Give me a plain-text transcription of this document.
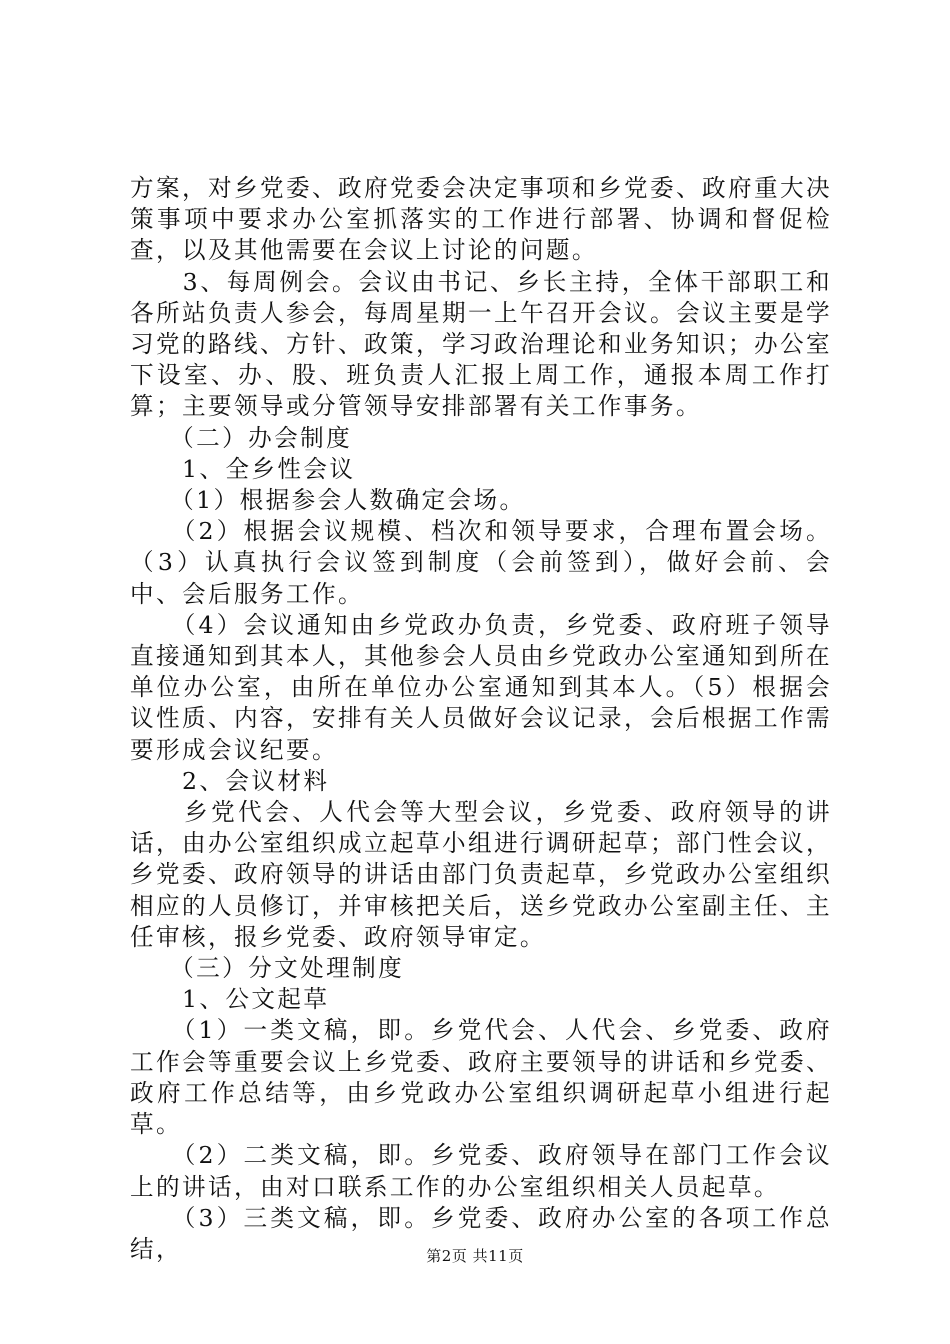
方案，对乡党委、政府党委会决定事项和乡党委、政府重大决策事项中要求办公室抓落实的工作进行部署、协调和督促检查，以及其他需要在会议上讨论的问题。

　　3、每周例会。会议由书记、乡长主持，全体干部职工和各所站负责人参会，每周星期一上午召开会议。会议主要是学习党的路线、方针、政策，学习政治理论和业务知识；办公室下设室、办、股、班负责人汇报上周工作，通报本周工作打算；主要领导或分管领导安排部署有关工作事务。

　　（二）办会制度

　　1、全乡性会议

　　（1）根据参会人数确定会场。

　　（2）根据会议规模、档次和领导要求，合理布置会场。（3）认真执行会议签到制度（会前签到），做好会前、会中、会后服务工作。

　　（4）会议通知由乡党政办负责，乡党委、政府班子领导直接通知到其本人，其他参会人员由乡党政办公室通知到所在单位办公室，由所在单位办公室通知到其本人。（5）根据会议性质、内容，安排有关人员做好会议记录，会后根据工作需要形成会议纪要。

　　2、会议材料

　　乡党代会、人代会等大型会议，乡党委、政府领导的讲话，由办公室组织成立起草小组进行调研起草；部门性会议，乡党委、政府领导的讲话由部门负责起草，乡党政办公室组织相应的人员修订，并审核把关后，送乡党政办公室副主任、主任审核，报乡党委、政府领导审定。

　　（三）分文处理制度

　　1、公文起草

　　（1）一类文稿，即。乡党代会、人代会、乡党委、政府工作会等重要会议上乡党委、政府主要领导的讲话和乡党委、政府工作总结等，由乡党政办公室组织调研起草小组进行起草。

　　（2）二类文稿，即。乡党委、政府领导在部门工作会议上的讲话，由对口联系工作的办公室组织相关人员起草。

　　（3）三类文稿，即。乡党委、政府办公室的各项工作总结，	第2页 共11页
